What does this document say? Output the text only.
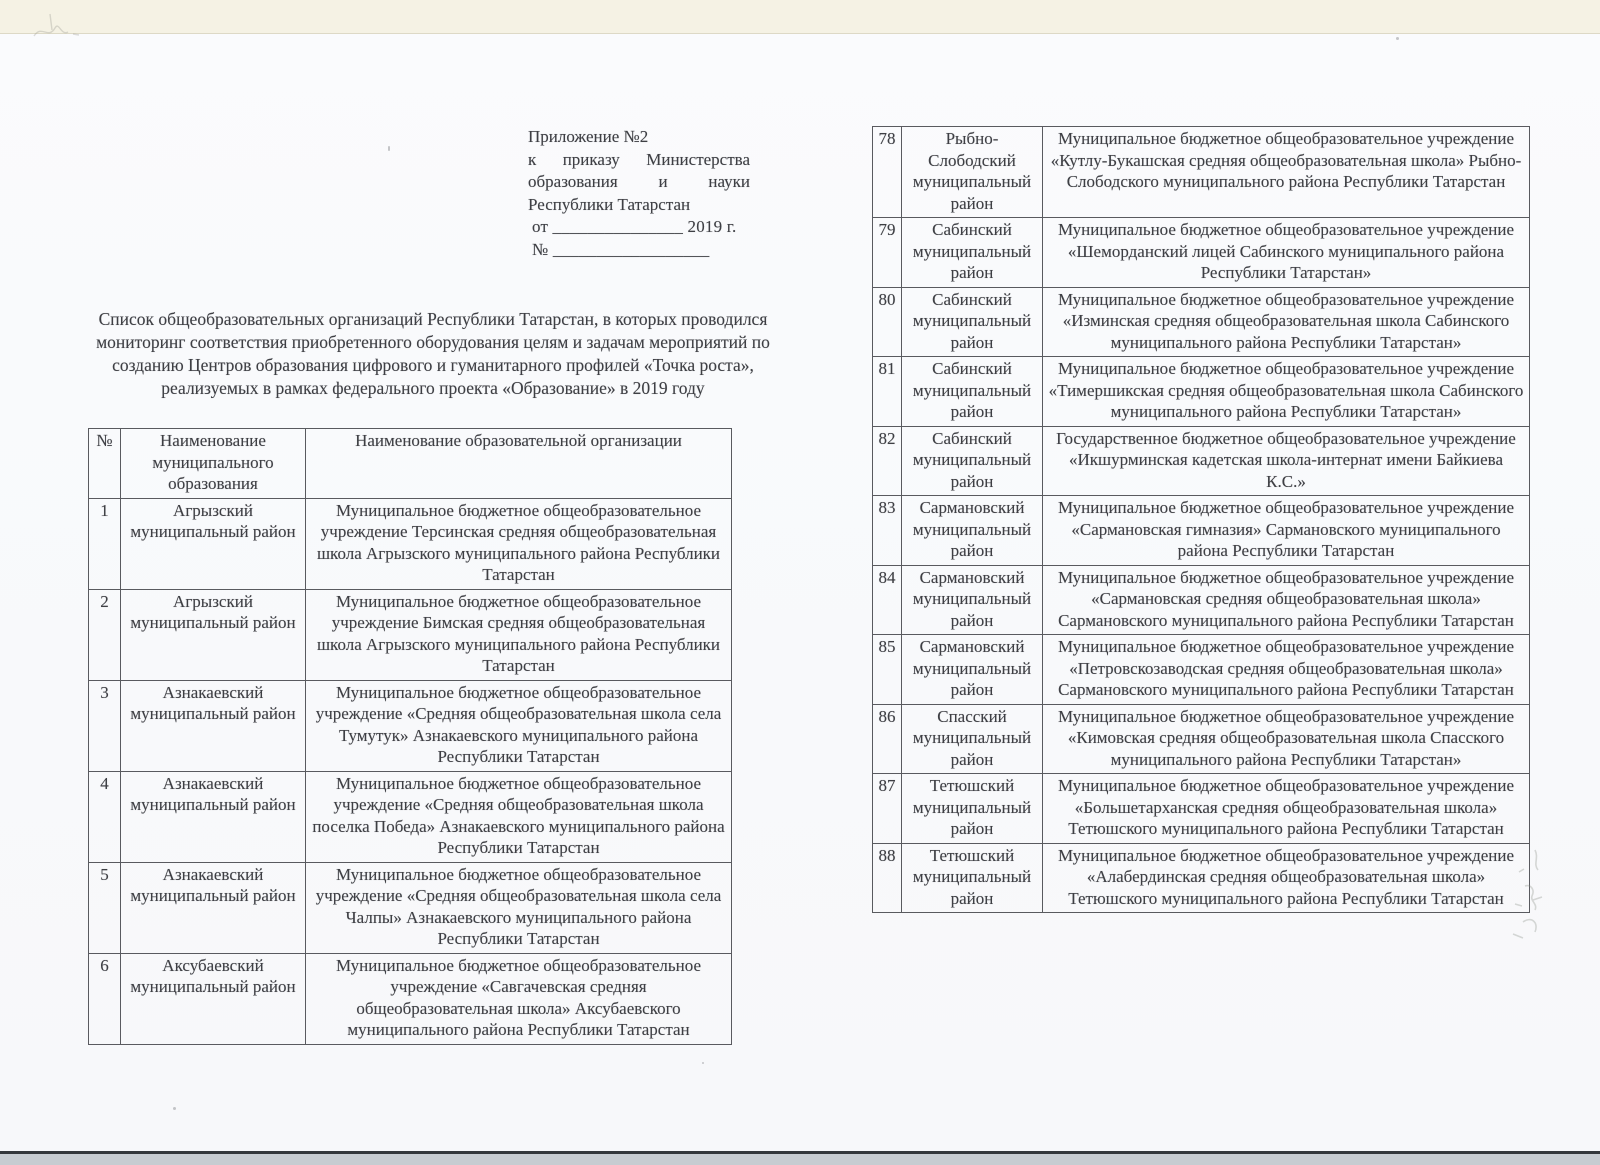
Приложение №2
к приказу Министерства
образования и науки
Республики Татарстан
от _______________ 2019 г.
№ __________________

Список общеобразовательных организаций Республики Татарстан, в которых проводился мониторинг соответствия приобретенного оборудования целям и задачам мероприятий по созданию Центров образования цифрового и гуманитарного профилей «Точка роста», реализуемых в рамках федерального проекта «Образование» в 2019 году

№	Наименование муниципального образования	Наименование образовательной организации
1	Агрызский муниципальный район	Муниципальное бюджетное общеобразовательное учреждение Терсинская средняя общеобразовательная школа Агрызского муниципального района Республики Татарстан
2	Агрызский муниципальный район	Муниципальное бюджетное общеобразовательное учреждение Бимская средняя общеобразовательная школа Агрызского муниципального района Республики Татарстан
3	Азнакаевский муниципальный район	Муниципальное бюджетное общеобразовательное учреждение «Средняя общеобразовательная школа села Тумутук» Азнакаевского муниципального района Республики Татарстан
4	Азнакаевский муниципальный район	Муниципальное бюджетное общеобразовательное учреждение «Средняя общеобразовательная школа поселка Победа» Азнакаевского муниципального района Республики Татарстан
5	Азнакаевский муниципальный район	Муниципальное бюджетное общеобразовательное учреждение «Средняя общеобразовательная школа села Чалпы» Азнакаевского муниципального района Республики Татарстан
6	Аксубаевский муниципальный район	Муниципальное бюджетное общеобразовательное учреждение «Савгачевская средняя общеобразовательная школа» Аксубаевского муниципального района Республики Татарстан
78	Рыбно-Слободский муниципальный район	Муниципальное бюджетное общеобразовательное учреждение «Кутлу-Букашская средняя общеобразовательная школа» Рыбно-Слободского муниципального района Республики Татарстан
79	Сабинский муниципальный район	Муниципальное бюджетное общеобразовательное учреждение «Шеморданский лицей Сабинского муниципального района Республики Татарстан»
80	Сабинский муниципальный район	Муниципальное бюджетное общеобразовательное учреждение «Изминская средняя общеобразовательная школа Сабинского муниципального района Республики Татарстан»
81	Сабинский муниципальный район	Муниципальное бюджетное общеобразовательное учреждение «Тимершикская средняя общеобразовательная школа Сабинского муниципального района Республики Татарстан»
82	Сабинский муниципальный район	Государственное бюджетное общеобразовательное учреждение «Икшурминская кадетская школа-интернат имени Байкиева К.С.»
83	Сармановский муниципальный район	Муниципальное бюджетное общеобразовательное учреждение «Сармановская гимназия» Сармановского муниципального района Республики Татарстан
84	Сармановский муниципальный район	Муниципальное бюджетное общеобразовательное учреждение «Сармановская средняя общеобразовательная школа» Сармановского муниципального района Республики Татарстан
85	Сармановский муниципальный район	Муниципальное бюджетное общеобразовательное учреждение «Петровскозаводская средняя общеобразовательная школа» Сармановского муниципального района Республики Татарстан
86	Спасский муниципальный район	Муниципальное бюджетное общеобразовательное учреждение «Кимовская средняя общеобразовательная школа Спасского муниципального района Республики Татарстан»
87	Тетюшский муниципальный район	Муниципальное бюджетное общеобразовательное учреждение «Большетарханская средняя общеобразовательная школа» Тетюшского муниципального района Республики Татарстан
88	Тетюшский муниципальный район	Муниципальное бюджетное общеобразовательное учреждение «Алабердинская средняя общеобразовательная школа» Тетюшского муниципального района Республики Татарстан
